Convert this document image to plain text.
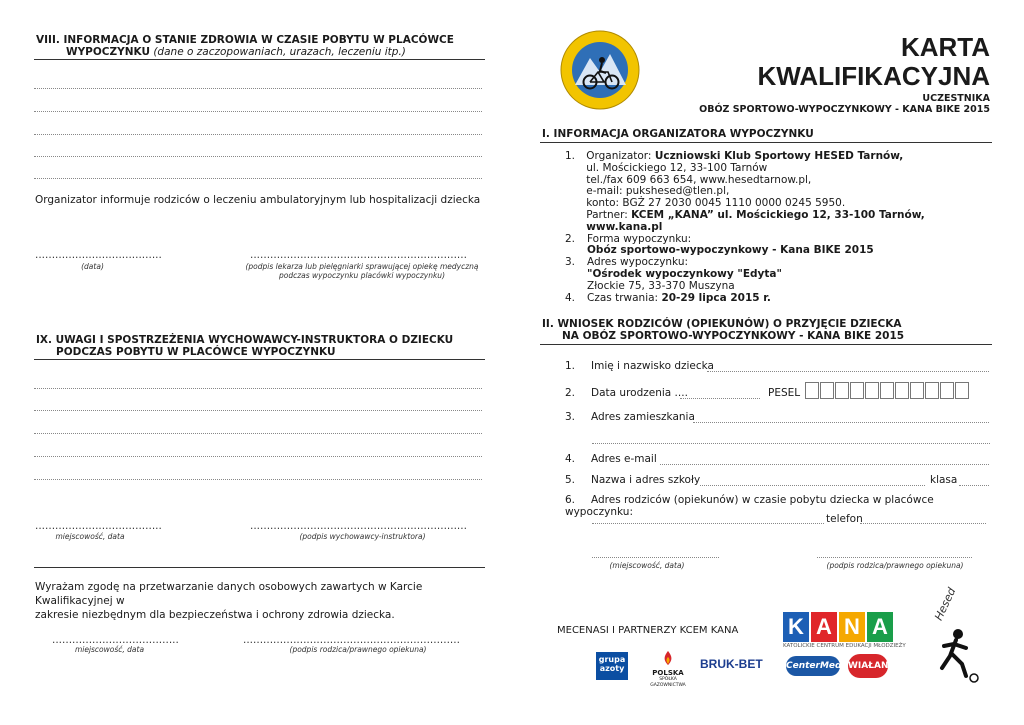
VIII. INFORMACJA O STANIE ZDROWIA W CZASIE POBYTU W PLACÓWCE
WYPOCZYNKU (dane o zaczopowaniach, urazach, leczeniu itp.)
Organizator informuje rodziców o leczeniu ambulatoryjnym lub hospitalizacji dziecka
......................................
(data)
.................................................................
(podpis lekarza lub pielęgniarki sprawującej opiekę medyczną
podczas wypoczynku placówki wypoczynku)
IX. UWAGI I SPOSTRZEŻENIA WYCHOWAWCY-INSTRUKTORA O DZIECKU
PODCZAS POBYTU W PLACÓWCE WYPOCZYNKU
......................................
miejscowość, data
.................................................................
(podpis wychowawcy-instruktora)
Wyrażam zgodę na przetwarzanie danych osobowych zawartych w Karcie Kwalifikacyjnej w
zakresie niezbędnym dla bezpieczeństwa i ochrony zdrowia dziecka.
......................................
miejscowość, data
.................................................................
(podpis rodzica/prawnego opiekuna)
KARTA
KWALIFIKACYJNA
UCZESTNIKA
OBÓZ SPORTOWO-WYPOCZYNKOWY - KANA BIKE 2015
I. INFORMACJA ORGANIZATORA WYPOCZYNKU
1.	Organizator: Uczniowski Klub Sportowy HESED Tarnów,
ul. Mościckiego 12, 33-100 Tarnów
tel./fax 609 663 654, www.hesedtarnow.pl,
e-mail: pukshesed@tlen.pl,
konto: BGŻ 27 2030 0045 1110 0000 0245 5950.
Partner: KCEM „KANA” ul. Mościckiego 12, 33-100 Tarnów, www.kana.pl
2.	Forma wypoczynku:
Obóz sportowo-wypoczynkowy - Kana BIKE 2015
3.	Adres wypoczynku:
"Ośrodek wypoczynkowy "Edyta"
Złockie 75, 33-370 Muszyna
4.	Czas trwania: 20-29 lipca 2015 r.
II. WNIOSEK RODZICÓW (OPIEKUNÓW) O PRZYJĘCIE DZIECKA
NA OBÓZ SPORTOWO-WYPOCZYNKOWY - KANA BIKE 2015
1. Imię i nazwisko dziecka
2. Data urodzenia ....	PESEL
3. Adres zamieszkania
4. Adres e-mail
5. Nazwa i adres szkoły	klasa
6. Adres rodziców (opiekunów) w czasie pobytu dziecka w placówce wypoczynku:
telefon
(miejscowość, data)	(podpis rodzica/prawnego opiekuna)
MECENASI I PARTNERZY KCEM KANA K A N A
KATOLICKIE CENTRUM EDUKACJI MŁODZIEŻY
Hesed
grupa
azoty	POLSKA
SPÓŁKA GAZOWNICTWA
BRUK-BET	CenterMed WIAŁAN
